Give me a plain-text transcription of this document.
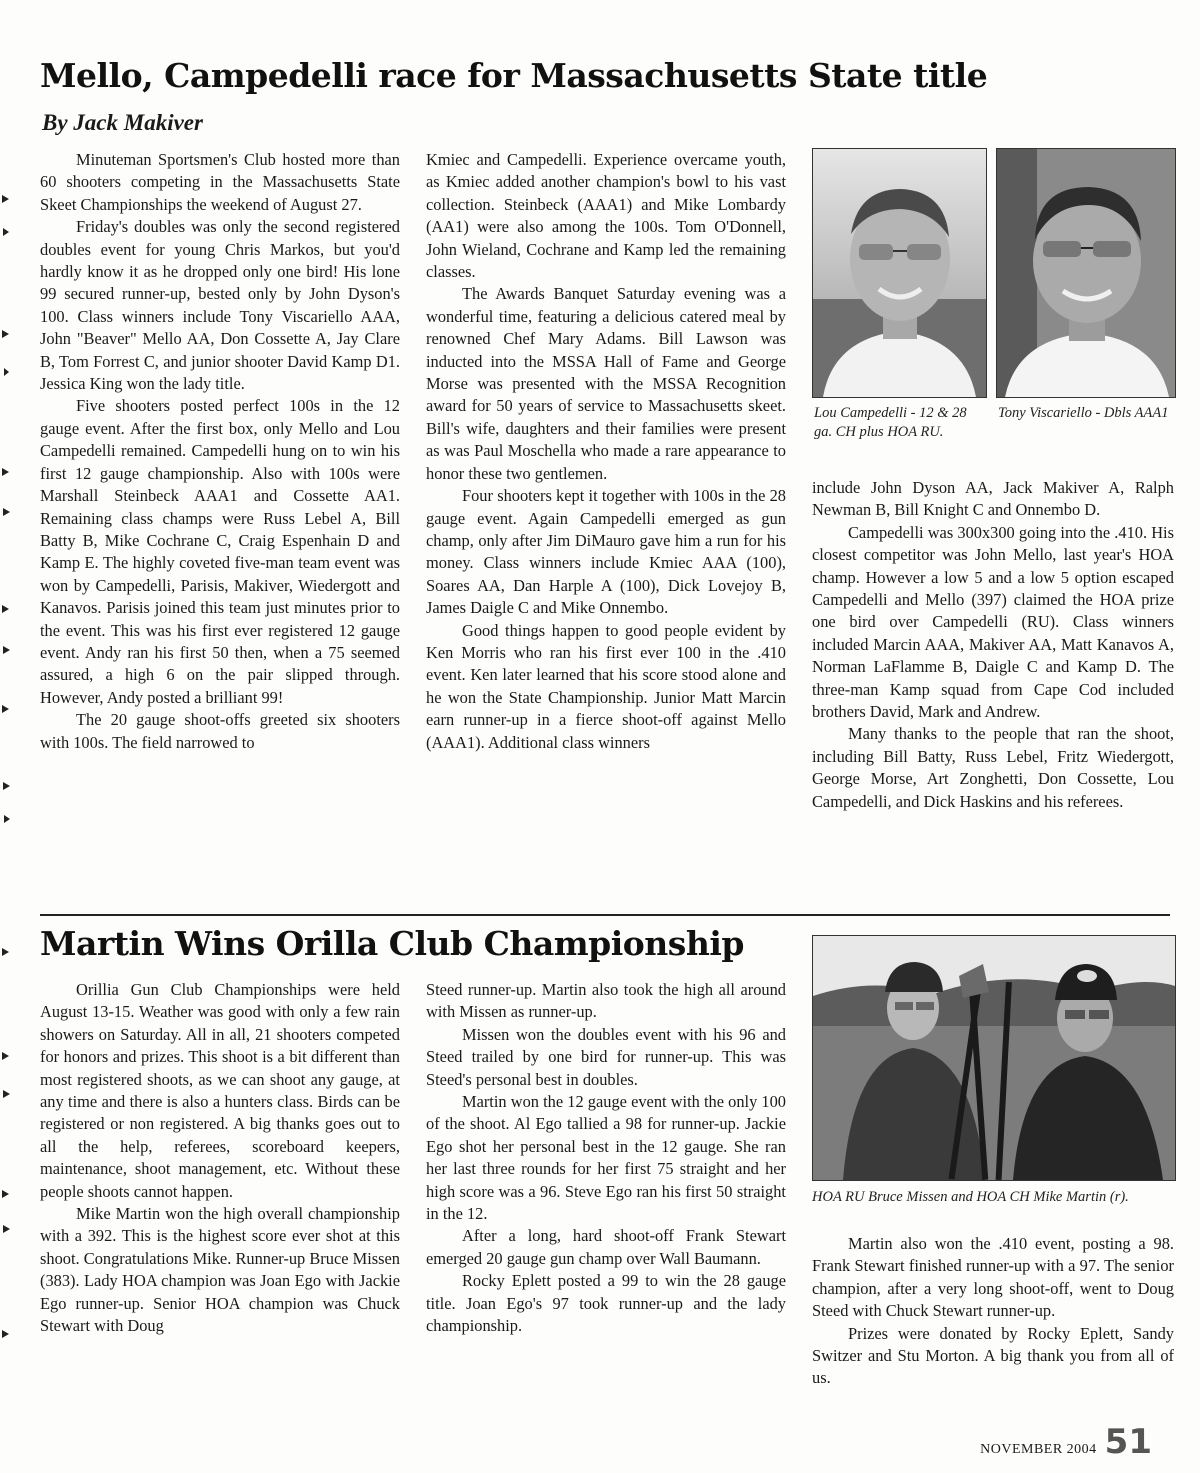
Mello, Campedelli race for Massachusetts State title
By Jack Makiver

Minuteman Sportsmen's Club hosted more than 60 shooters competing in the Massachusetts State Skeet Championships the weekend of August 27.

Friday's doubles was only the second registered doubles event for young Chris Markos, but you'd hardly know it as he dropped only one bird! His lone 99 secured runner-up, bested only by John Dyson's 100. Class winners include Tony Viscariello AAA, John "Beaver" Mello AA, Don Cossette A, Jay Clare B, Tom Forrest C, and junior shooter David Kamp D1. Jessica King won the lady title.

Five shooters posted perfect 100s in the 12 gauge event. After the first box, only Mello and Lou Campedelli remained. Campedelli hung on to win his first 12 gauge championship. Also with 100s were Marshall Steinbeck AAA1 and Cossette AA1. Remaining class champs were Russ Lebel A, Bill Batty B, Mike Cochrane C, Craig Espenhain D and Kamp E. The highly coveted five-man team event was won by Campedelli, Parisis, Makiver, Wiedergott and Kanavos. Parisis joined this team just minutes prior to the event. This was his first ever registered 12 gauge event. Andy ran his first 50 then, when a 75 seemed assured, a high 6 on the pair slipped through. However, Andy posted a brilliant 99!

The 20 gauge shoot-offs greeted six shooters with 100s. The field narrowed to

Kmiec and Campedelli. Experience overcame youth, as Kmiec added another champion's bowl to his vast collection. Steinbeck (AAA1) and Mike Lombardy (AA1) were also among the 100s. Tom O'Donnell, John Wieland, Cochrane and Kamp led the remaining classes.

The Awards Banquet Saturday evening was a wonderful time, featuring a delicious catered meal by renowned Chef Mary Adams. Bill Lawson was inducted into the MSSA Hall of Fame and George Morse was presented with the MSSA Recognition award for 50 years of service to Massachusetts skeet. Bill's wife, daughters and their families were present as was Paul Moschella who made a rare appearance to honor these two gentlemen.

Four shooters kept it together with 100s in the 28 gauge event. Again Campedelli emerged as gun champ, only after Jim DiMauro gave him a run for his money. Class winners include Kmiec AAA (100), Soares AA, Dan Harple A (100), Dick Lovejoy B, James Daigle C and Mike Onnembo.

Good things happen to good people evident by Ken Morris who ran his first ever 100 in the .410 event. Ken later learned that his score stood alone and he won the State Championship. Junior Matt Marcin earn runner-up in a fierce shoot-off against Mello (AAA1). Additional class winners

Lou Campedelli - 12 & 28 ga. CH plus HOA RU.
Tony Viscariello - Dbls AAA1

include John Dyson AA, Jack Makiver A, Ralph Newman B, Bill Knight C and Onnembo D.

Campedelli was 300x300 going into the .410. His closest competitor was John Mello, last year's HOA champ. However a low 5 and a low 5 option escaped Campedelli and Mello (397) claimed the HOA prize one bird over Campedelli (RU). Class winners included Marcin AAA, Makiver AA, Matt Kanavos A, Norman LaFlamme B, Daigle C and Kamp D. The three-man Kamp squad from Cape Cod included brothers David, Mark and Andrew.

Many thanks to the people that ran the shoot, including Bill Batty, Russ Lebel, Fritz Wiedergott, George Morse, Art Zonghetti, Don Cossette, Lou Campedelli, and Dick Haskins and his referees.

Martin Wins Orilla Club Championship

Orillia Gun Club Championships were held August 13-15. Weather was good with only a few rain showers on Saturday. All in all, 21 shooters competed for honors and prizes. This shoot is a bit different than most registered shoots, as we can shoot any gauge, at any time and there is also a hunters class. Birds can be registered or non registered. A big thanks goes out to all the help, referees, scoreboard keepers, maintenance, shoot management, etc. Without these people shoots cannot happen.

Mike Martin won the high overall championship with a 392. This is the highest score ever shot at this shoot. Congratulations Mike. Runner-up Bruce Missen (383). Lady HOA champion was Joan Ego with Jackie Ego runner-up. Senior HOA champion was Chuck Stewart with Doug

Steed runner-up. Martin also took the high all around with Missen as runner-up.

Missen won the doubles event with his 96 and Steed trailed by one bird for runner-up. This was Steed's personal best in doubles.

Martin won the 12 gauge event with the only 100 of the shoot. Al Ego tallied a 98 for runner-up. Jackie Ego shot her personal best in the 12 gauge. She ran her last three rounds for her first 75 straight and her high score was a 96. Steve Ego ran his first 50 straight in the 12.

After a long, hard shoot-off Frank Stewart emerged 20 gauge gun champ over Wall Baumann.

Rocky Eplett posted a 99 to win the 28 gauge title. Joan Ego's 97 took runner-up and the lady championship.

HOA RU Bruce Missen and HOA CH Mike Martin (r).

Martin also won the .410 event, posting a 98. Frank Stewart finished runner-up with a 97. The senior champion, after a very long shoot-off, went to Doug Steed with Chuck Stewart runner-up.

Prizes were donated by Rocky Eplett, Sandy Switzer and Stu Morton. A big thank you from all of us.

NOVEMBER 2004 51
